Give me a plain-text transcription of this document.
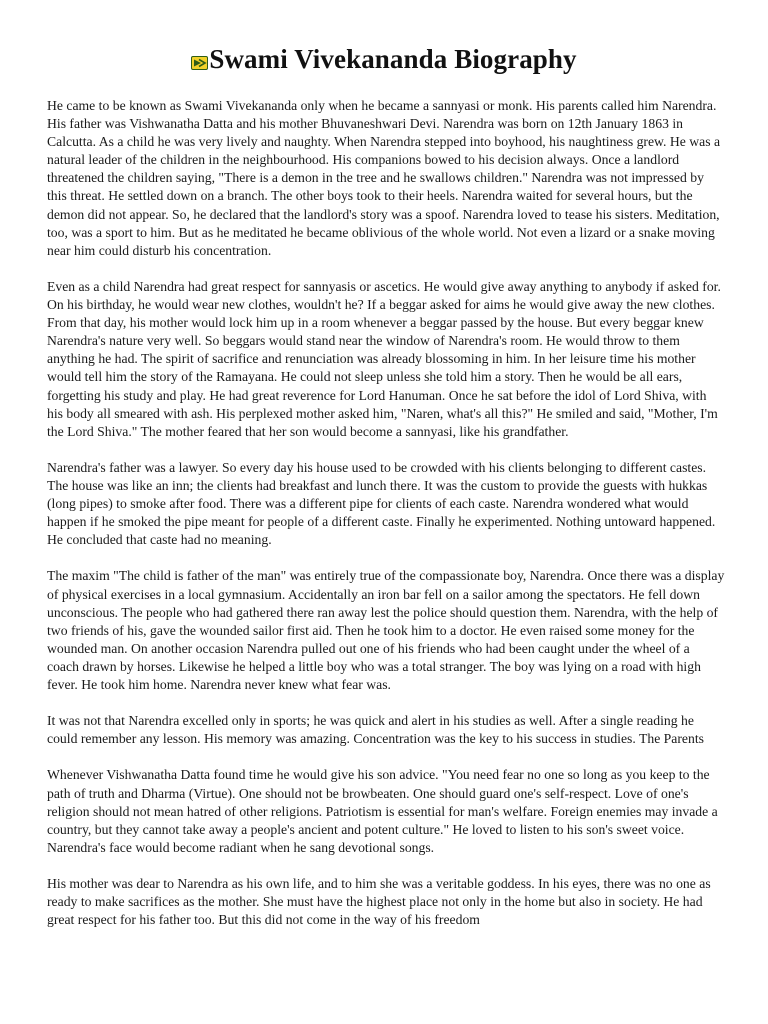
Swami Vivekananda Biography

He came to be known as Swami Vivekananda only when he became a sannyasi or monk. His parents called him Narendra. His father was Vishwanatha Datta and his mother Bhuvaneshwari Devi. Narendra was born on 12th January 1863 in Calcutta. As a child he was very lively and naughty. When Narendra stepped into boyhood, his naughtiness grew. He was a natural leader of the children in the neighbourhood. His companions bowed to his decision always. Once a landlord threatened the children saying, "There is a demon in the tree and he swallows children." Narendra was not impressed by this threat. He settled down on a branch. The other boys took to their heels. Narendra waited for several hours, but the demon did not appear. So, he declared that the landlord's story was a spoof. Narendra loved to tease his sisters. Meditation, too, was a sport to him. But as he meditated he became oblivious of the whole world. Not even a lizard or a snake moving near him could disturb his concentration.

Even as a child Narendra had great respect for sannyasis or ascetics. He would give away anything to anybody if asked for. On his birthday, he would wear new clothes, wouldn't he? If a beggar asked for aims he would give away the new clothes. From that day, his mother would lock him up in a room whenever a beggar passed by the house. But every beggar knew Narendra's nature very well. So beggars would stand near the window of Narendra's room. He would throw to them anything he had. The spirit of sacrifice and renunciation was already blossoming in him. In her leisure time his mother would tell him the story of the Ramayana. He could not sleep unless she told him a story. Then he would be all ears, forgetting his study and play. He had great reverence for Lord Hanuman. Once he sat before the idol of Lord Shiva, with his body all smeared with ash. His perplexed mother asked him, "Naren, what's all this?" He smiled and said, "Mother, I'm the Lord Shiva." The mother feared that her son would become a sannyasi, like his grandfather.

Narendra's father was a lawyer. So every day his house used to be crowded with his clients belonging to different castes. The house was like an inn; the clients had breakfast and lunch there. It was the custom to provide the guests with hukkas (long pipes) to smoke after food. There was a different pipe for clients of each caste. Narendra wondered what would happen if he smoked the pipe meant for people of a different caste. Finally he experimented. Nothing untoward happened. He concluded that caste had no meaning.

The maxim "The child is father of the man" was entirely true of the compassionate boy, Narendra. Once there was a display of physical exercises in a local gymnasium. Accidentally an iron bar fell on a sailor among the spectators. He fell down unconscious. The people who had gathered there ran away lest the police should question them. Narendra, with the help of two friends of his, gave the wounded sailor first aid. Then he took him to a doctor. He even raised some money for the wounded man. On another occasion Narendra pulled out one of his friends who had been caught under the wheel of a coach drawn by horses. Likewise he helped a little boy who was a total stranger. The boy was lying on a road with high fever. He took him home. Narendra never knew what fear was.

It was not that Narendra excelled only in sports; he was quick and alert in his studies as well. After a single reading he could remember any lesson. His memory was amazing. Concentration was the key to his success in studies. The Parents

Whenever Vishwanatha Datta found time he would give his son advice. "You need fear no one so long as you keep to the path of truth and Dharma (Virtue). One should not be browbeaten. One should guard one's self-respect. Love of one's religion should not mean hatred of other religions. Patriotism is essential for man's welfare. Foreign enemies may invade a country, but they cannot take away a people's ancient and potent culture." He loved to listen to his son's sweet voice. Narendra's face would become radiant when he sang devotional songs.

His mother was dear to Narendra as his own life, and to him she was a veritable goddess. In his eyes, there was no one as ready to make sacrifices as the mother. She must have the highest place not only in the home but also in society. He had great respect for his father too. But this did not come in the way of his freedom
